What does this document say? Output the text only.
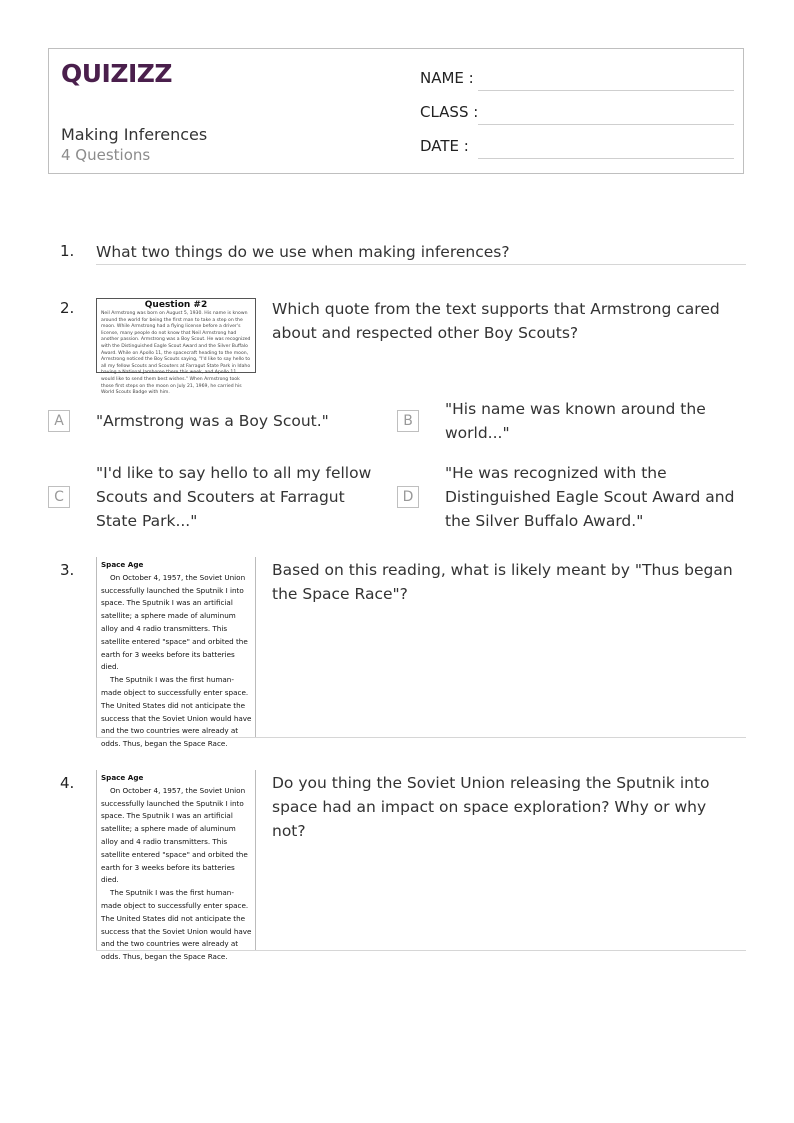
QUIZIZZ
Making Inferences
4 Questions
NAME :
CLASS :
DATE :
1. What two things do we use when making inferences?
2.	Question #2
Neil Armstrong was born on August 5, 1930. His name is known around the world for being the first man to take a step on the moon. While Armstrong had a flying license before a driver's license, many people do not know that Neil Armstrong had another passion. Armstrong was a Boy Scout. He was recognized with the Distinguished Eagle Scout Award and the Silver Buffalo Award. While on Apollo 11, the spacecraft heading to the moon, Armstrong noticed the Boy Scouts saying, "I'd like to say hello to all my fellow Scouts and Scouters at Farragut State Park in Idaho having a National Jamboree there this week, and Apollo 11 would like to send them best wishes." When Armstrong took those first steps on the moon on July 21, 1969, he carried his World Scouts Badge with him.
Which quote from the text supports that Armstrong cared about and respected other Boy Scouts?
A	"Armstrong was a Boy Scout."	B
"His name was known around the world..."
C
"I'd like to say hello to all my fellow Scouts and Scouters at Farragut State Park..."
D
"He was recognized with the Distinguished Eagle Scout Award and the Silver Buffalo Award."
3.	Space Age

On October 4, 1957, the Soviet Union successfully launched the Sputnik I into space. The Sputnik I was an artificial satellite; a sphere made of aluminum alloy and 4 radio transmitters. This satellite entered "space" and orbited the earth for 3 weeks before its batteries died.

The Sputnik I was the first human-made object to successfully enter space. The United States did not anticipate the success that the Soviet Union would have and the two countries were already at odds. Thus, began the Space Race.

Based on this reading, what is likely meant by "Thus began the Space Race"?
4.	Space Age

On October 4, 1957, the Soviet Union successfully launched the Sputnik I into space. The Sputnik I was an artificial satellite; a sphere made of aluminum alloy and 4 radio transmitters. This satellite entered "space" and orbited the earth for 3 weeks before its batteries died.

The Sputnik I was the first human-made object to successfully enter space. The United States did not anticipate the success that the Soviet Union would have and the two countries were already at odds. Thus, began the Space Race.

Do you thing the Soviet Union releasing the Sputnik into space had an impact on space exploration? Why or why not?
